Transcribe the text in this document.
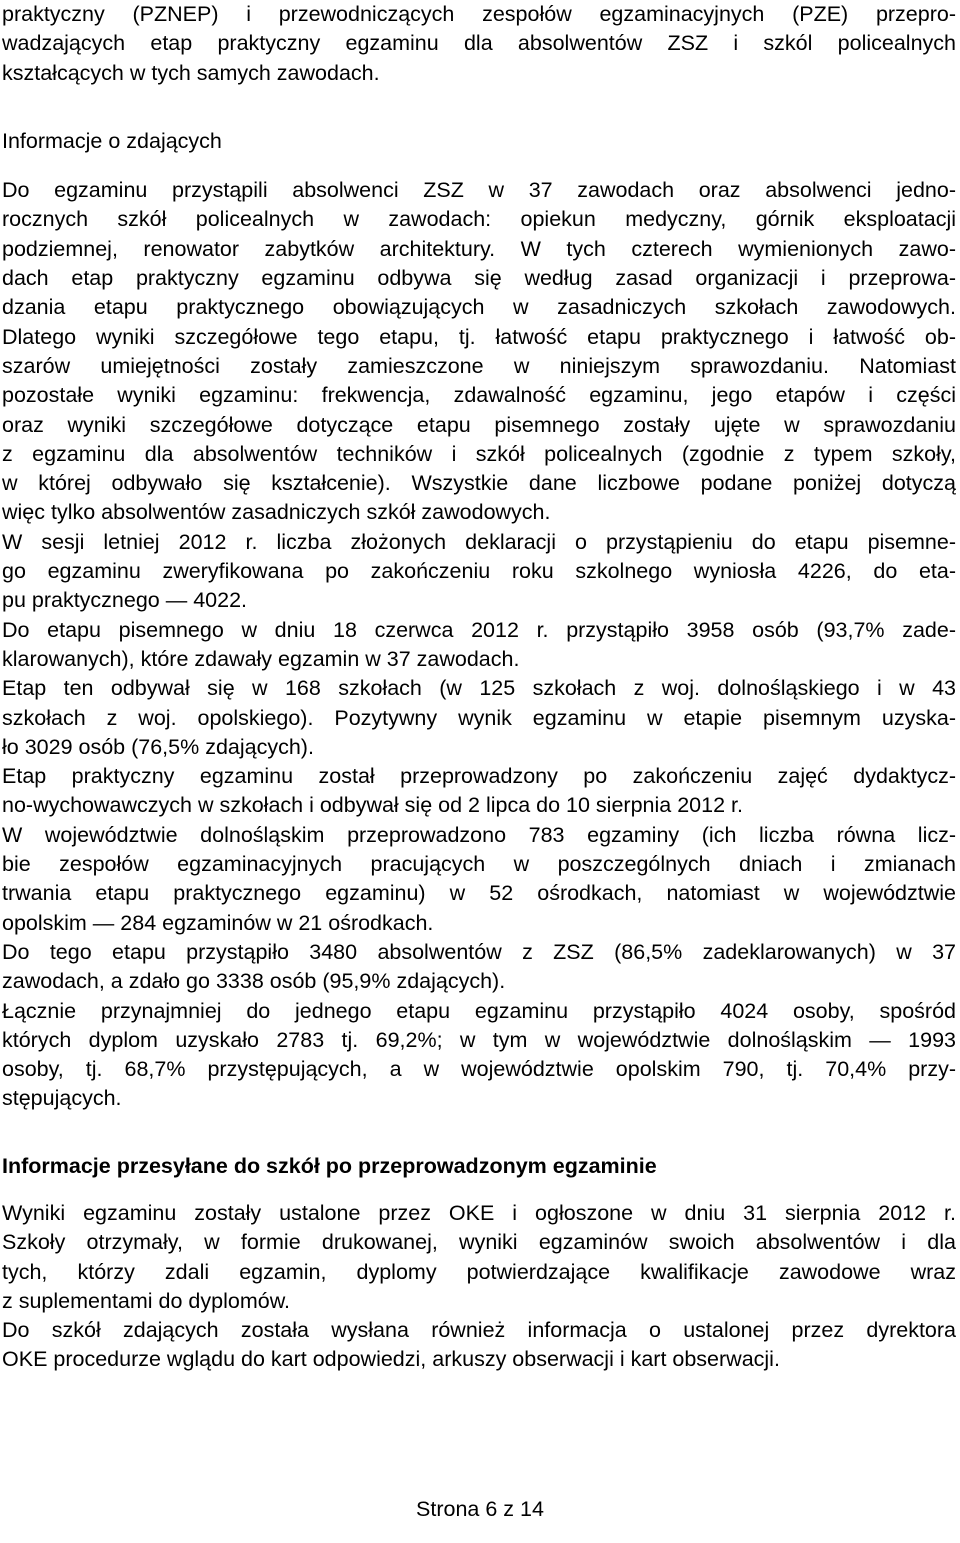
praktyczny (PZNEP) i przewodniczących zespołów egzaminacyjnych (PZE) przepro-
wadzających etap praktyczny egzaminu dla absolwentów ZSZ i szkól policealnych
kształcących w tych samych zawodach.
Informacje o zdających
Do egzaminu przystąpili absolwenci ZSZ w 37 zawodach oraz absolwenci jedno-
rocznych szkół policealnych w zawodach: opiekun medyczny, górnik eksploatacji
podziemnej, renowator zabytków architektury. W tych czterech wymienionych zawo-
dach etap praktyczny egzaminu odbywa się według zasad organizacji i przeprowa-
dzania etapu praktycznego obowiązujących w zasadniczych szkołach zawodowych.
Dlatego wyniki szczegółowe tego etapu, tj. łatwość etapu praktycznego i łatwość ob-
szarów umiejętności zostały zamieszczone w niniejszym sprawozdaniu. Natomiast
pozostałe wyniki egzaminu: frekwencja, zdawalność egzaminu, jego etapów i części
oraz wyniki szczegółowe dotyczące etapu pisemnego zostały ujęte w sprawozdaniu
z egzaminu dla absolwentów techników i szkół policealnych (zgodnie z typem szkoły,
w której odbywało się kształcenie). Wszystkie dane liczbowe podane poniżej dotyczą
więc tylko absolwentów zasadniczych szkół zawodowych.
W sesji letniej 2012 r. liczba złożonych deklaracji o przystąpieniu do etapu pisemne-
go egzaminu zweryfikowana po zakończeniu roku szkolnego wyniosła 4226, do eta-
pu praktycznego — 4022.
Do etapu pisemnego w dniu 18 czerwca 2012 r. przystąpiło 3958 osób (93,7% zade-
klarowanych), które zdawały egzamin w 37 zawodach.
Etap ten odbywał się w 168 szkołach (w 125 szkołach z woj. dolnośląskiego i w 43
szkołach z woj. opolskiego). Pozytywny wynik egzaminu w etapie pisemnym uzyska-
ło 3029 osób (76,5% zdających).
Etap praktyczny egzaminu został przeprowadzony po zakończeniu zajęć dydaktycz-
no-wychowawczych w szkołach i odbywał się od 2 lipca do 10 sierpnia 2012 r.
W województwie dolnośląskim przeprowadzono 783 egzaminy (ich liczba równa licz-
bie zespołów egzaminacyjnych pracujących w poszczególnych dniach i zmianach
trwania etapu praktycznego egzaminu) w 52 ośrodkach, natomiast w województwie
opolskim — 284 egzaminów w 21 ośrodkach.
Do tego etapu przystąpiło 3480 absolwentów z ZSZ (86,5% zadeklarowanych) w 37
zawodach, a zdało go 3338 osób (95,9% zdających).
Łącznie przynajmniej do jednego etapu egzaminu przystąpiło 4024 osoby, spośród
których dyplom uzyskało 2783 tj. 69,2%; w tym w województwie dolnośląskim — 1993
osoby, tj. 68,7% przystępujących, a w województwie opolskim 790, tj. 70,4% przy-
stępujących.
Informacje przesyłane do szkół po przeprowadzonym egzaminie
Wyniki egzaminu zostały ustalone przez OKE i ogłoszone w dniu 31 sierpnia 2012 r.
Szkoły otrzymały, w formie drukowanej, wyniki egzaminów swoich absolwentów i dla
tych, którzy zdali egzamin, dyplomy potwierdzające kwalifikacje zawodowe wraz
z suplementami do dyplomów.
Do szkół zdających została wysłana również informacja o ustalonej przez dyrektora
OKE procedurze wglądu do kart odpowiedzi, arkuszy obserwacji i kart obserwacji.
Strona 6 z 14
